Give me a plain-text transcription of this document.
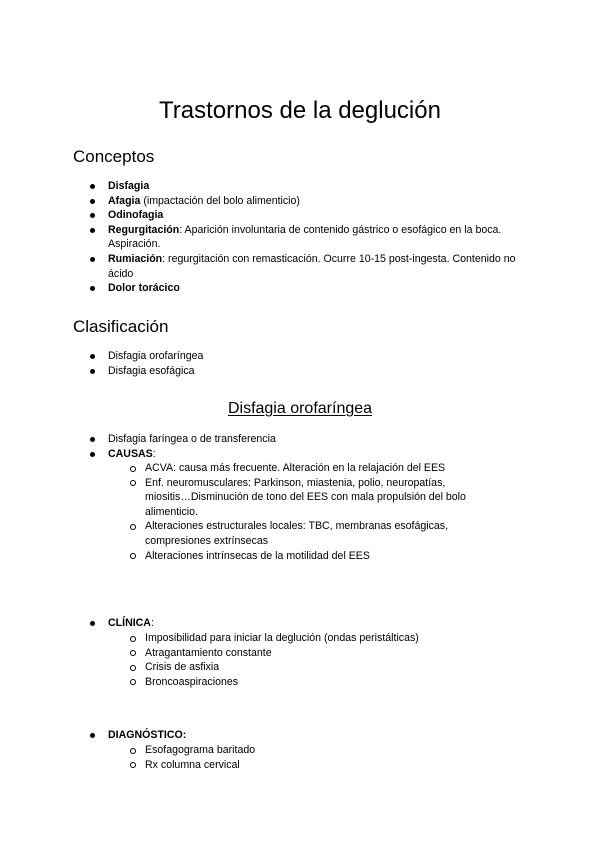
Trastornos de la deglución
Conceptos
Disfagia
Afagia (impactación del bolo alimenticio)
Odinofagia
Regurgitación: Aparición involuntaria de contenido gástrico o esofágico en la boca. Aspiración.
Rumiación: regurgitación con remasticación. Ocurre 10-15 post-ingesta. Contenido no ácido
Dolor torácico
Clasificación
Disfagia orofaríngea
Disfagia esofágica
Disfagia orofaríngea
Disfagia faríngea o de transferencia
CAUSAS:
ACVA: causa más frecuente. Alteración en la relajación del EES
Enf. neuromusculares: Parkinson, miastenia, polio, neuropatías, miositis…Disminución de tono del EES con mala propulsión del bolo alimenticio.
Alteraciones estructurales locales: TBC, membranas esofágicas, compresiones extrínsecas
Alteraciones intrínsecas de la motilidad del EES
CLÍNICA:
Imposibilidad para iniciar la deglución (ondas peristálticas)
Atragantamiento constante
Crisis de asfixia
Broncoaspiraciones
DIAGNÓSTICO:
Esofagograma baritado
Rx columna cervical
